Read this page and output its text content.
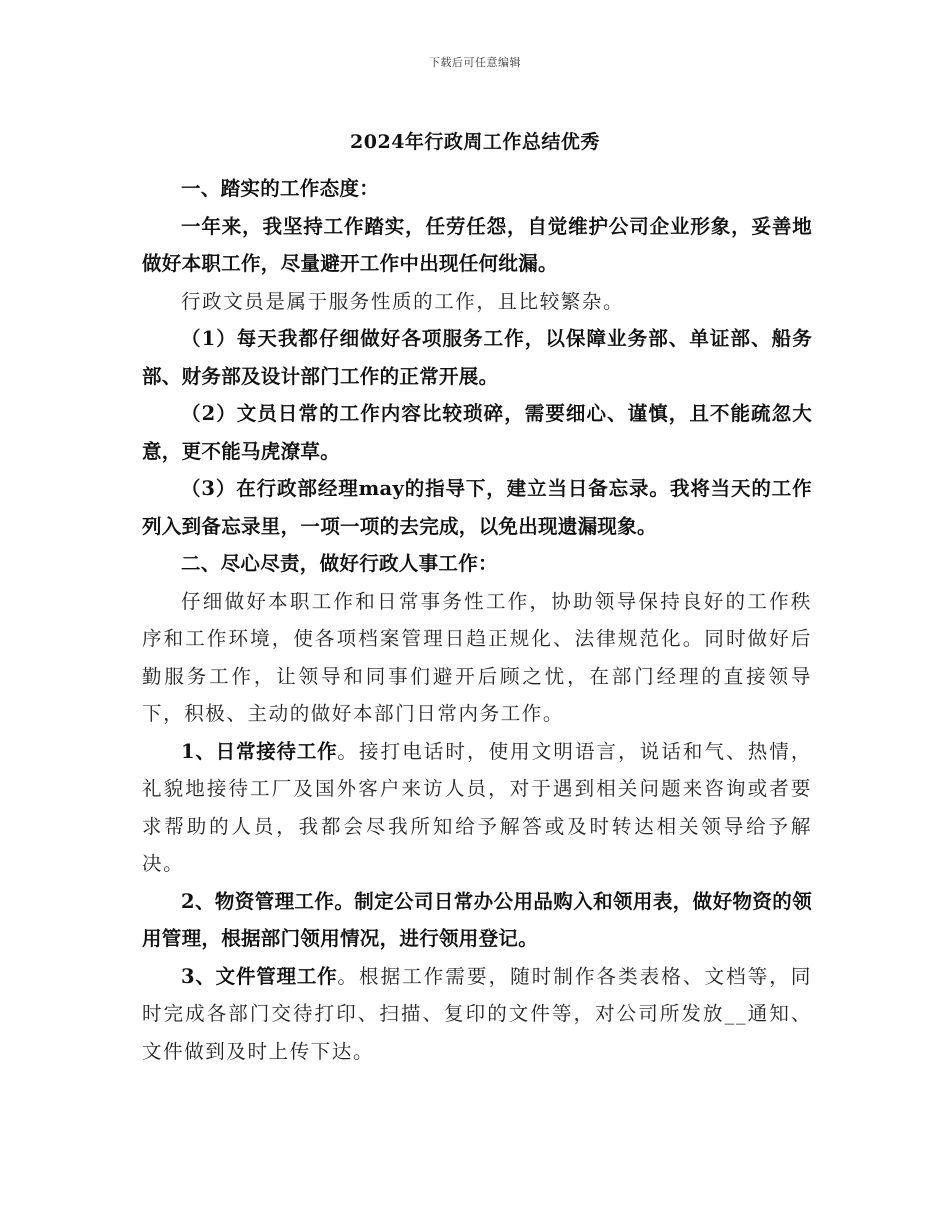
下载后可任意编辑
2024年行政周工作总结优秀

一、踏实的工作态度：

一年来，我坚持工作踏实，任劳任怨，自觉维护公司企业形象，妥善地做好本职工作，尽量避开工作中出现任何纰漏。

行政文员是属于服务性质的工作，且比较繁杂。

（1）每天我都仔细做好各项服务工作，以保障业务部、单证部、船务部、财务部及设计部门工作的正常开展。

（2）文员日常的工作内容比较琐碎，需要细心、谨慎，且不能疏忽大意，更不能马虎潦草。

（3）在行政部经理may的指导下，建立当日备忘录。我将当天的工作列入到备忘录里，一项一项的去完成，以免出现遗漏现象。

二、尽心尽责，做好行政人事工作：

仔细做好本职工作和日常事务性工作，协助领导保持良好的工作秩序和工作环境，使各项档案管理日趋正规化、法律规范化。同时做好后勤服务工作，让领导和同事们避开后顾之忧，在部门经理的直接领导下，积极、主动的做好本部门日常内务工作。

1、日常接待工作。接打电话时，使用文明语言，说话和气、热情，礼貌地接待工厂及国外客户来访人员，对于遇到相关问题来咨询或者要求帮助的人员，我都会尽我所知给予解答或及时转达相关领导给予解决。

2、物资管理工作。制定公司日常办公用品购入和领用表，做好物资的领用管理，根据部门领用情况，进行领用登记。

3、文件管理工作。根据工作需要，随时制作各类表格、文档等，同时完成各部门交待打印、扫描、复印的文件等，对公司所发放__通知、文件做到及时上传下达。
